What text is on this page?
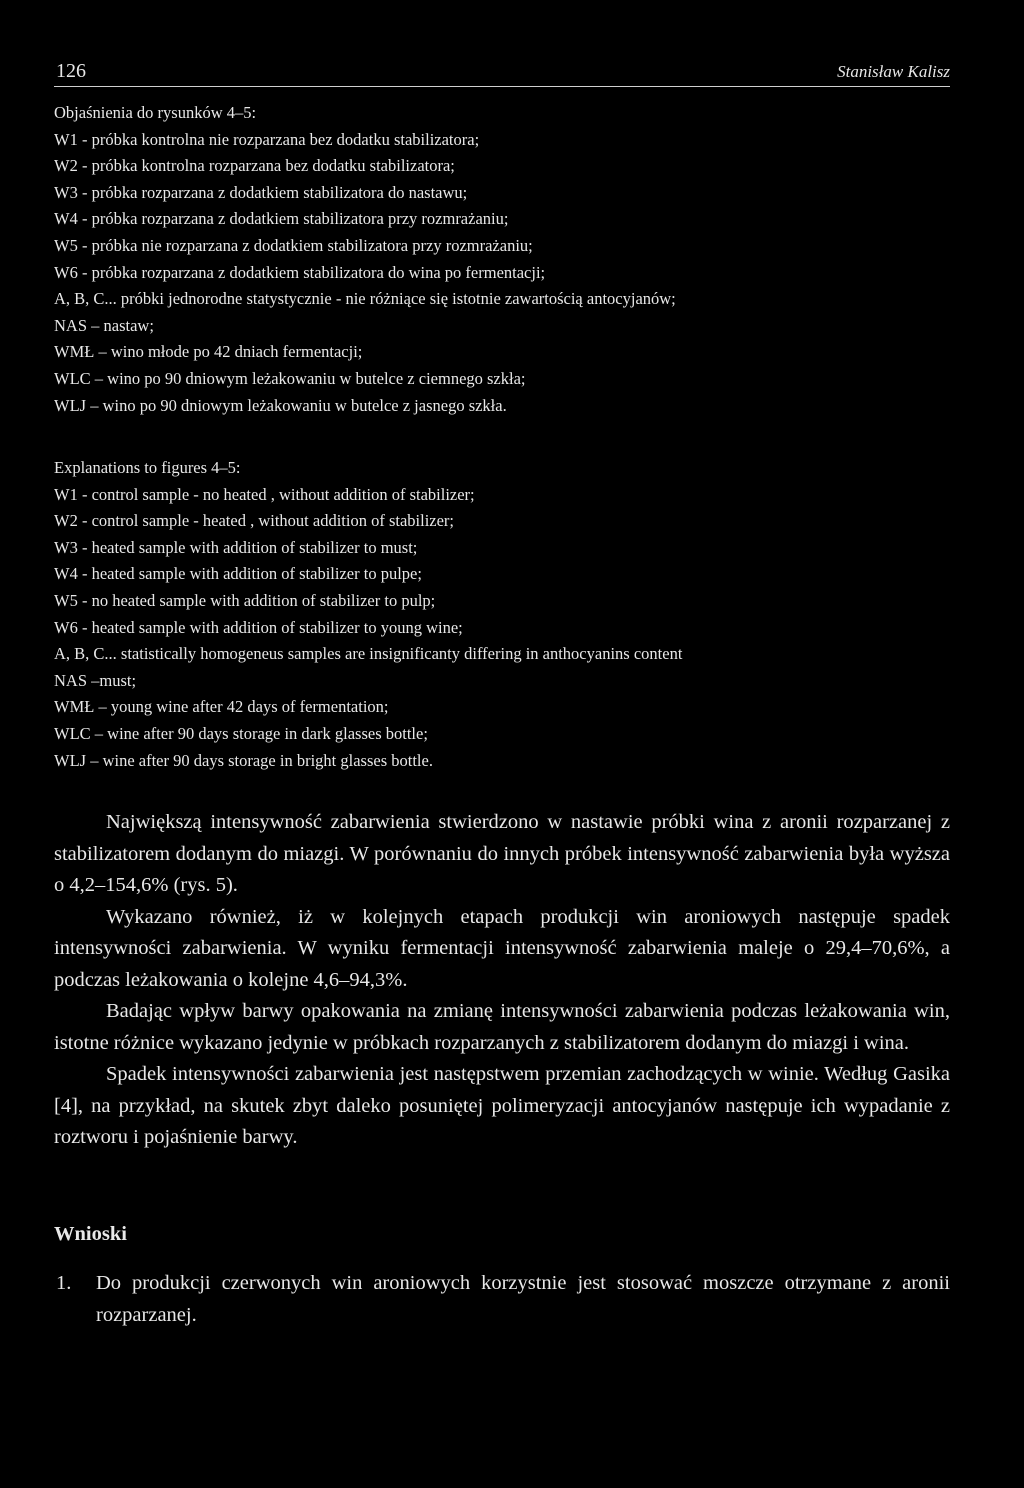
126	Stanisław Kalisz
Objaśnienia do rysunków 4–5:
W1 - próbka kontrolna nie rozparzana bez dodatku stabilizatora;
W2 - próbka kontrolna rozparzana bez dodatku stabilizatora;
W3 - próbka rozparzana z dodatkiem stabilizatora do nastawu;
W4 - próbka rozparzana z dodatkiem stabilizatora przy rozmrażaniu;
W5 - próbka nie rozparzana z dodatkiem stabilizatora przy rozmrażaniu;
W6 - próbka rozparzana z dodatkiem stabilizatora do wina po fermentacji;
A, B, C... próbki jednorodne statystycznie - nie różniące się istotnie zawartością antocyjanów;
NAS – nastaw;
WMŁ – wino młode po 42 dniach fermentacji;
WLC – wino po 90 dniowym leżakowaniu w butelce z ciemnego szkła;
WLJ – wino po 90 dniowym leżakowaniu w butelce z jasnego szkła.
Explanations to figures 4–5:
W1 - control sample - no heated , without addition of stabilizer;
W2 - control sample - heated , without addition of stabilizer;
W3 - heated sample with addition of stabilizer to must;
W4 - heated sample with addition of stabilizer to pulpe;
W5 - no heated sample with addition of stabilizer to pulp;
W6 - heated sample with addition of stabilizer to young wine;
A, B, C... statistically homogeneus samples are insignificanty differing in anthocyanins content
NAS –must;
WMŁ – young wine after 42 days of fermentation;
WLC – wine after 90 days storage in dark glasses bottle;
WLJ – wine after 90 days storage in bright glasses bottle.

Największą intensywność zabarwienia stwierdzono w nastawie próbki wina z aronii rozparzanej z stabilizatorem dodanym do miazgi. W porównaniu do innych próbek intensywność zabarwienia była wyższa o 4,2–154,6% (rys. 5).

Wykazano również, iż w kolejnych etapach produkcji win aroniowych następuje spadek intensywności zabarwienia. W wyniku fermentacji intensywność zabarwienia maleje o 29,4–70,6%, a podczas leżakowania o kolejne 4,6–94,3%.

Badając wpływ barwy opakowania na zmianę intensywności zabarwienia podczas leżakowania win, istotne różnice wykazano jedynie w próbkach rozparzanych z stabilizatorem dodanym do miazgi i wina.

Spadek intensywności zabarwienia jest następstwem przemian zachodzących w winie. Według Gasika [4], na przykład, na skutek zbyt daleko posuniętej polimeryzacji antocyjanów następuje ich wypadanie z roztworu i pojaśnienie barwy.

Wnioski
1. Do produkcji czerwonych win aroniowych korzystnie jest stosować moszcze otrzymane z aronii rozparzanej.
